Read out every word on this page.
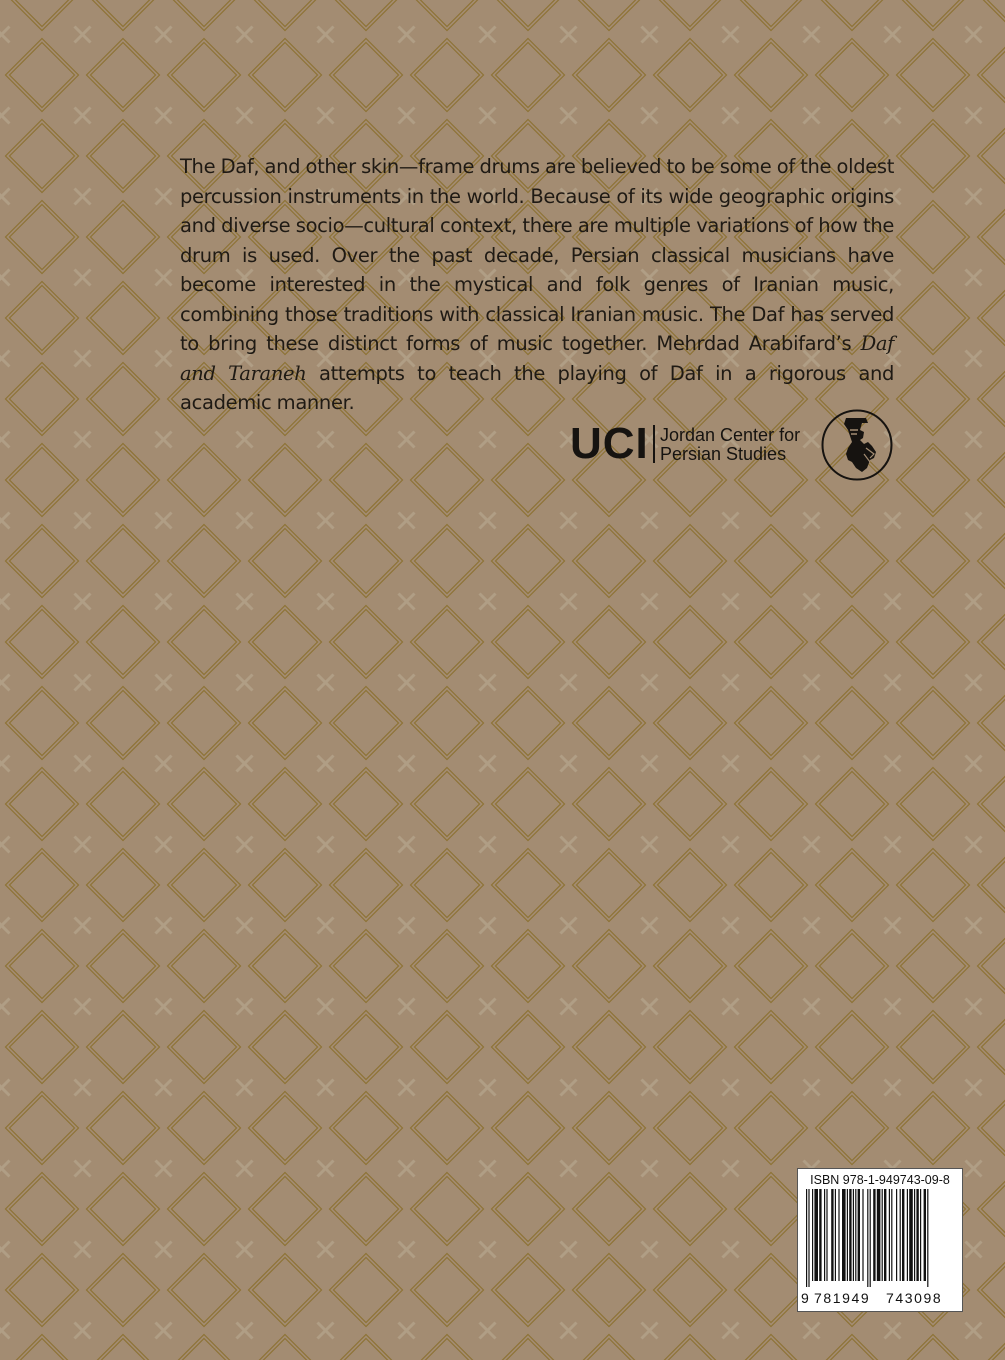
The Daf, and other skin—frame drums are believed to be some of the oldest percussion instruments in the world. Because of its wide geographic origins and diverse socio—cultural context, there are multiple variations of how the drum is used. Over the past decade, Persian classical musicians have become interested in the mystical and folk genres of Iranian music, combining those traditions with classical Iranian music. The Daf has served to bring these distinct forms of music together. Mehrdad Arabifard’s Daf and Taraneh attempts to teach the playing of Daf in a rigorous and academic manner.
UCI Jordan Center for
Persian Studies
ISBN 978-1-949743-09-8
9 781949 743098
